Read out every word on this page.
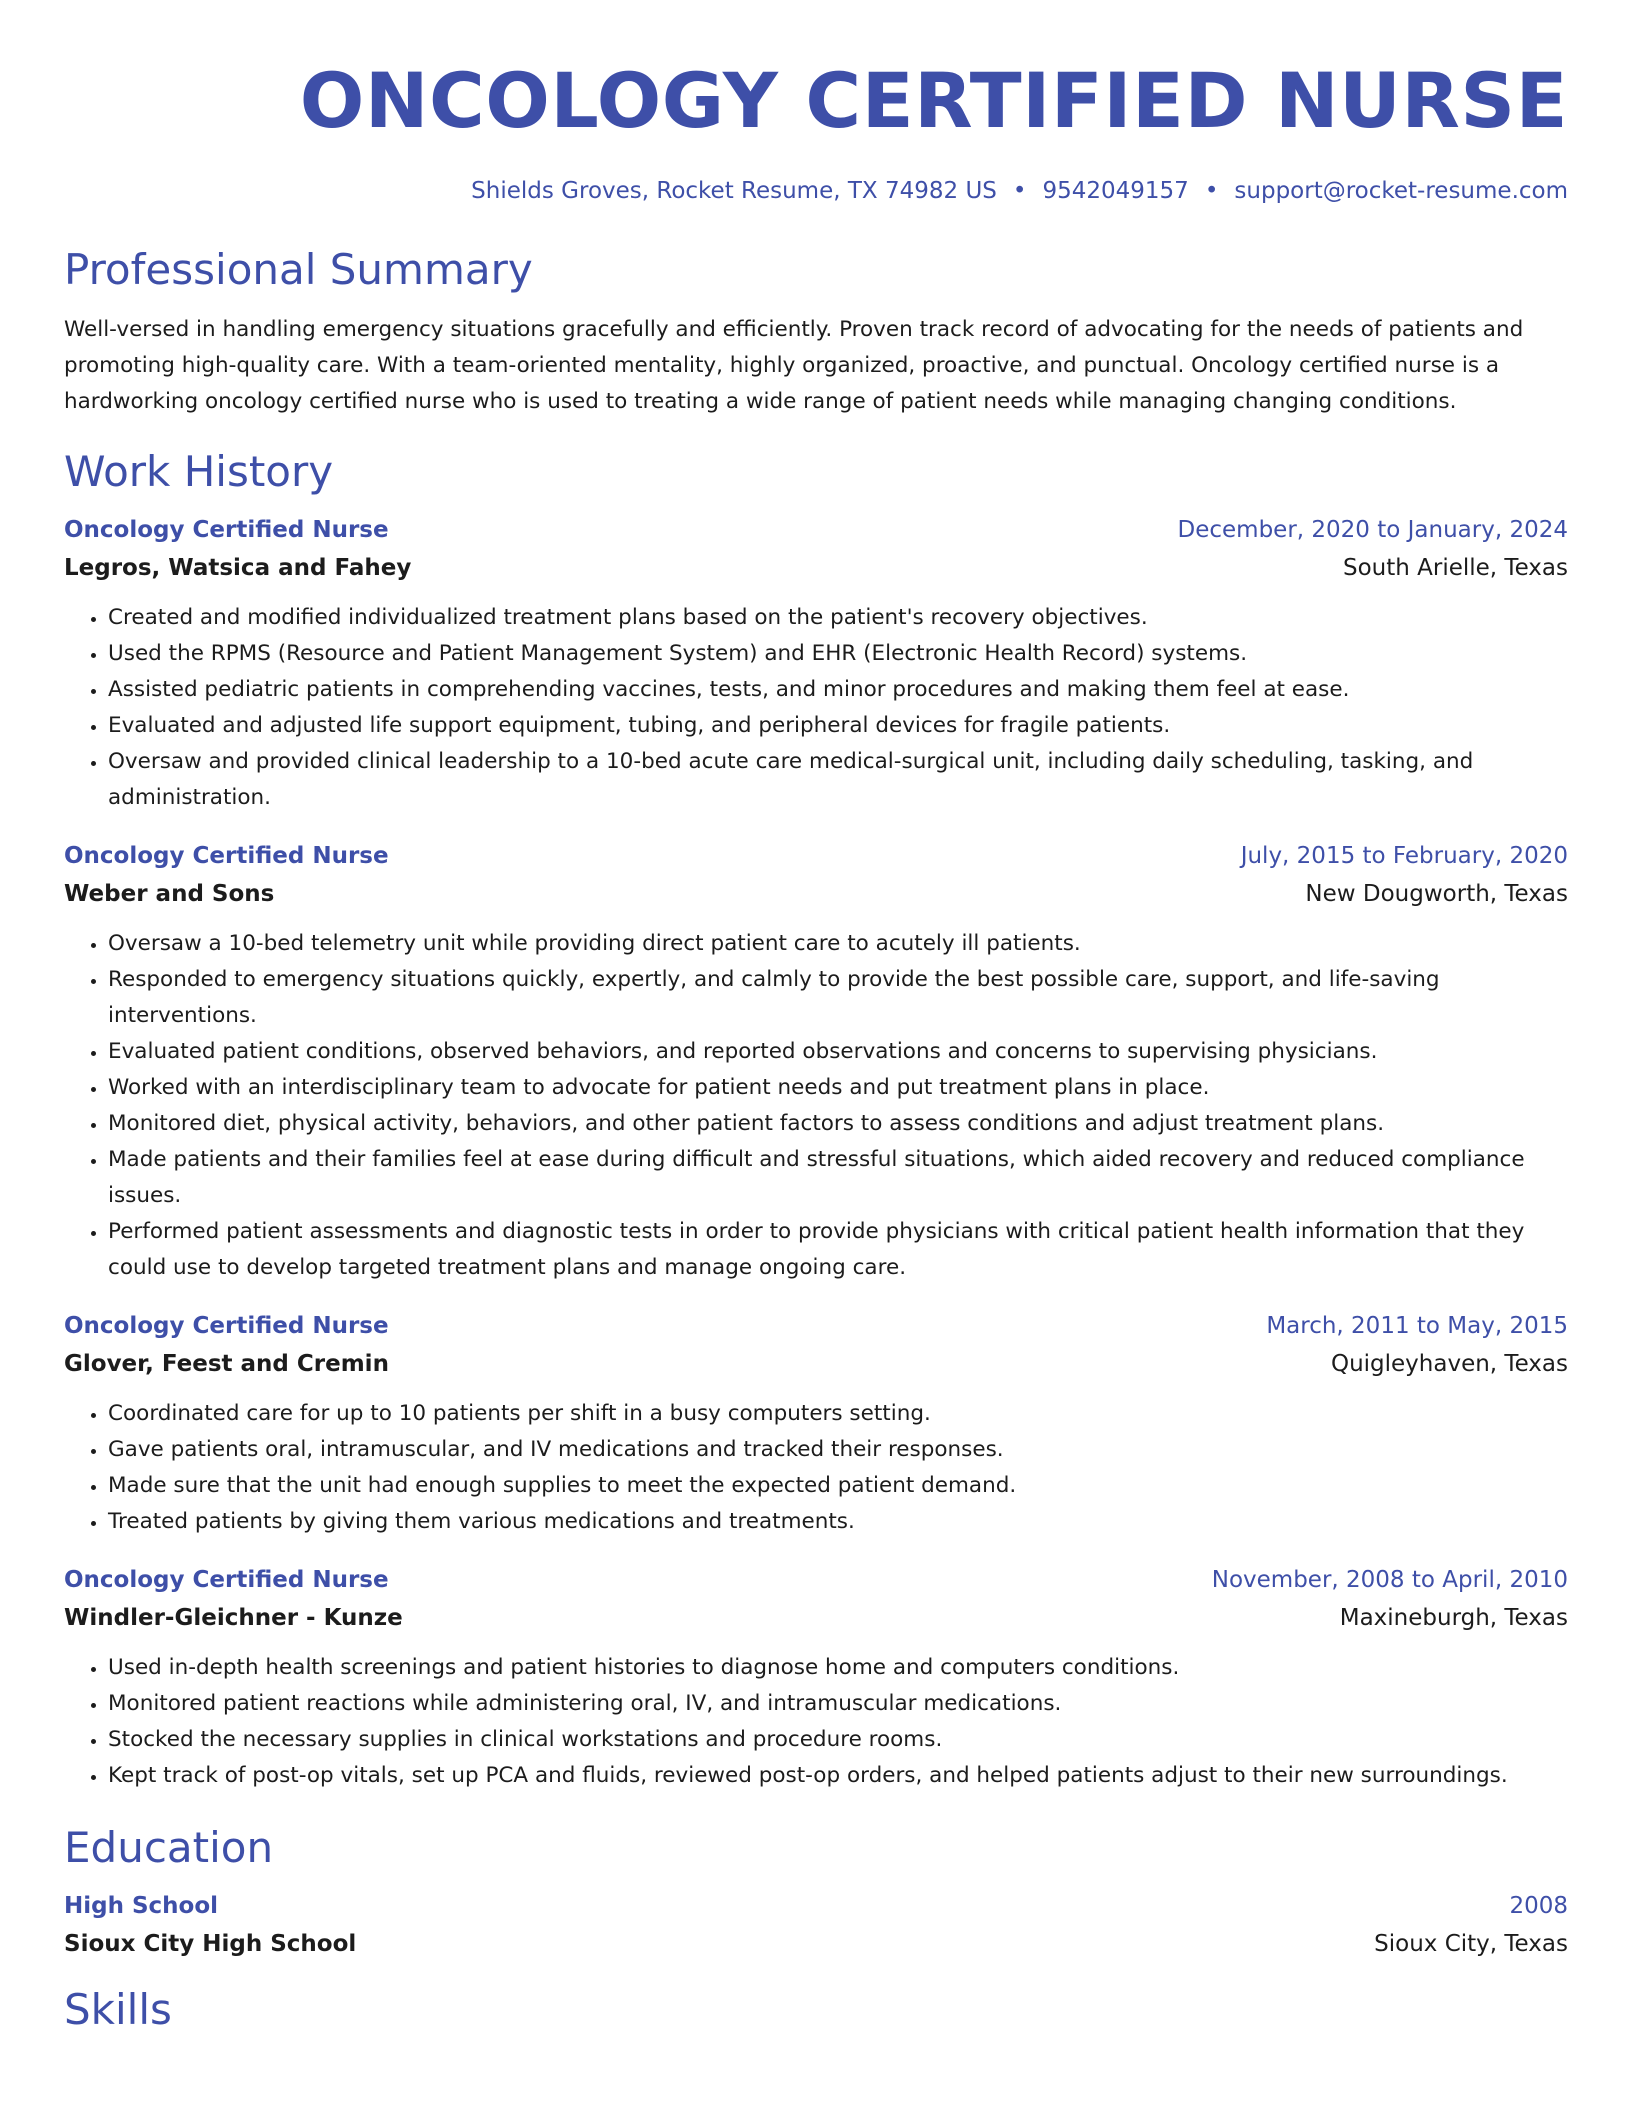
ONCOLOGY CERTIFIED NURSE
Shields Groves, Rocket Resume, TX 74982 US • 9542049157 • support@rocket-resume.com
Professional Summary

Well-versed in handling emergency situations gracefully and efficiently. Proven track record of advocating for the needs of patients and promoting high-quality care. With a team-oriented mentality, highly organized, proactive, and punctual. Oncology certified nurse is a hardworking oncology certified nurse who is used to treating a wide range of patient needs while managing changing conditions.

Work History
Oncology Certified Nurse	December, 2020 to January, 2024
Legros, Watsica and Fahey	South Arielle, Texas
• Created and modified individualized treatment plans based on the patient's recovery objectives.
• Used the RPMS (Resource and Patient Management System) and EHR (Electronic Health Record) systems.
• Assisted pediatric patients in comprehending vaccines, tests, and minor procedures and making them feel at ease.
• Evaluated and adjusted life support equipment, tubing, and peripheral devices for fragile patients.
• Oversaw and provided clinical leadership to a 10-bed acute care medical-surgical unit, including daily scheduling, tasking, and administration.
Oncology Certified Nurse	July, 2015 to February, 2020
Weber and Sons	New Dougworth, Texas
• Oversaw a 10-bed telemetry unit while providing direct patient care to acutely ill patients.
• Responded to emergency situations quickly, expertly, and calmly to provide the best possible care, support, and life-saving interventions.
• Evaluated patient conditions, observed behaviors, and reported observations and concerns to supervising physicians.
• Worked with an interdisciplinary team to advocate for patient needs and put treatment plans in place.
• Monitored diet, physical activity, behaviors, and other patient factors to assess conditions and adjust treatment plans.
• Made patients and their families feel at ease during difficult and stressful situations, which aided recovery and reduced compliance issues.
• Performed patient assessments and diagnostic tests in order to provide physicians with critical patient health information that they could use to develop targeted treatment plans and manage ongoing care.
Oncology Certified Nurse	March, 2011 to May, 2015
Glover, Feest and Cremin	Quigleyhaven, Texas
• Coordinated care for up to 10 patients per shift in a busy computers setting.
• Gave patients oral, intramuscular, and IV medications and tracked their responses.
• Made sure that the unit had enough supplies to meet the expected patient demand.
• Treated patients by giving them various medications and treatments.
Oncology Certified Nurse	November, 2008 to April, 2010
Windler-Gleichner - Kunze	Maxineburgh, Texas
• Used in-depth health screenings and patient histories to diagnose home and computers conditions.
• Monitored patient reactions while administering oral, IV, and intramuscular medications.
• Stocked the necessary supplies in clinical workstations and procedure rooms.
• Kept track of post-op vitals, set up PCA and fluids, reviewed post-op orders, and helped patients adjust to their new surroundings.
Education
High School	2008
Sioux City High School	Sioux City, Texas
Skills
